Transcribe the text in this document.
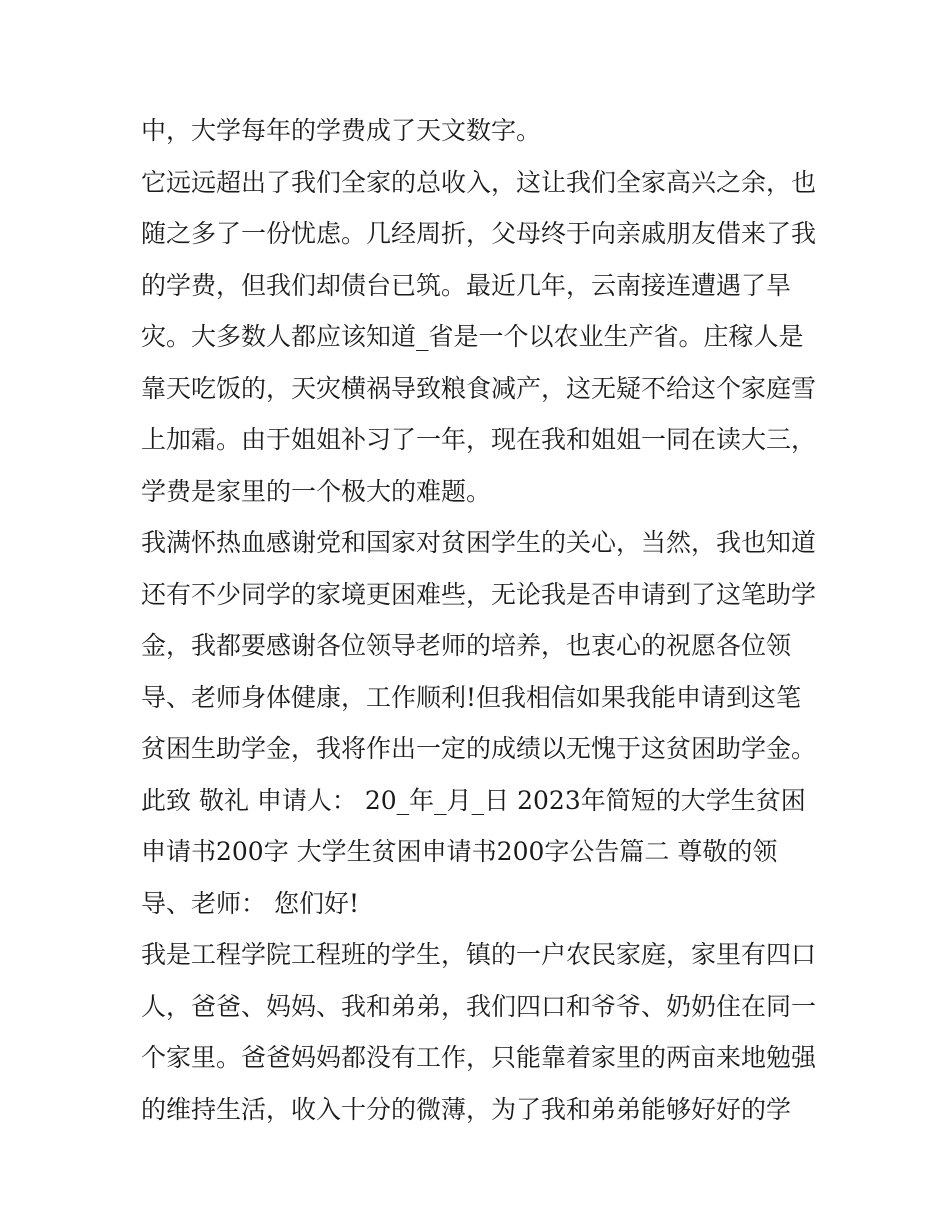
中，大学每年的学费成了天文数字。
它远远超出了我们全家的总收入，这让我们全家高兴之余，也
随之多了一份忧虑。几经周折，父母终于向亲戚朋友借来了我
的学费，但我们却债台已筑。最近几年，云南接连遭遇了旱
灾。大多数人都应该知道_省是一个以农业生产省。庄稼人是
靠天吃饭的，天灾横祸导致粮食减产，这无疑不给这个家庭雪
上加霜。由于姐姐补习了一年，现在我和姐姐一同在读大三，
学费是家里的一个极大的难题。
我满怀热血感谢党和国家对贫困学生的关心，当然，我也知道
还有不少同学的家境更困难些，无论我是否申请到了这笔助学
金，我都要感谢各位领导老师的培养，也衷心的祝愿各位领
导、老师身体健康，工作顺利!但我相信如果我能申请到这笔
贫困生助学金，我将作出一定的成绩以无愧于这贫困助学金。
此致 敬礼 申请人： 20_年_月_日 2023年简短的大学生贫困
申请书200字 大学生贫困申请书200字公告篇二 尊敬的领
导、老师： 您们好!
我是工程学院工程班的学生，镇的一户农民家庭，家里有四口
人，爸爸、妈妈、我和弟弟，我们四口和爷爷、奶奶住在同一
个家里。爸爸妈妈都没有工作，只能靠着家里的两亩来地勉强
的维持生活，收入十分的微薄，为了我和弟弟能够好好的学
